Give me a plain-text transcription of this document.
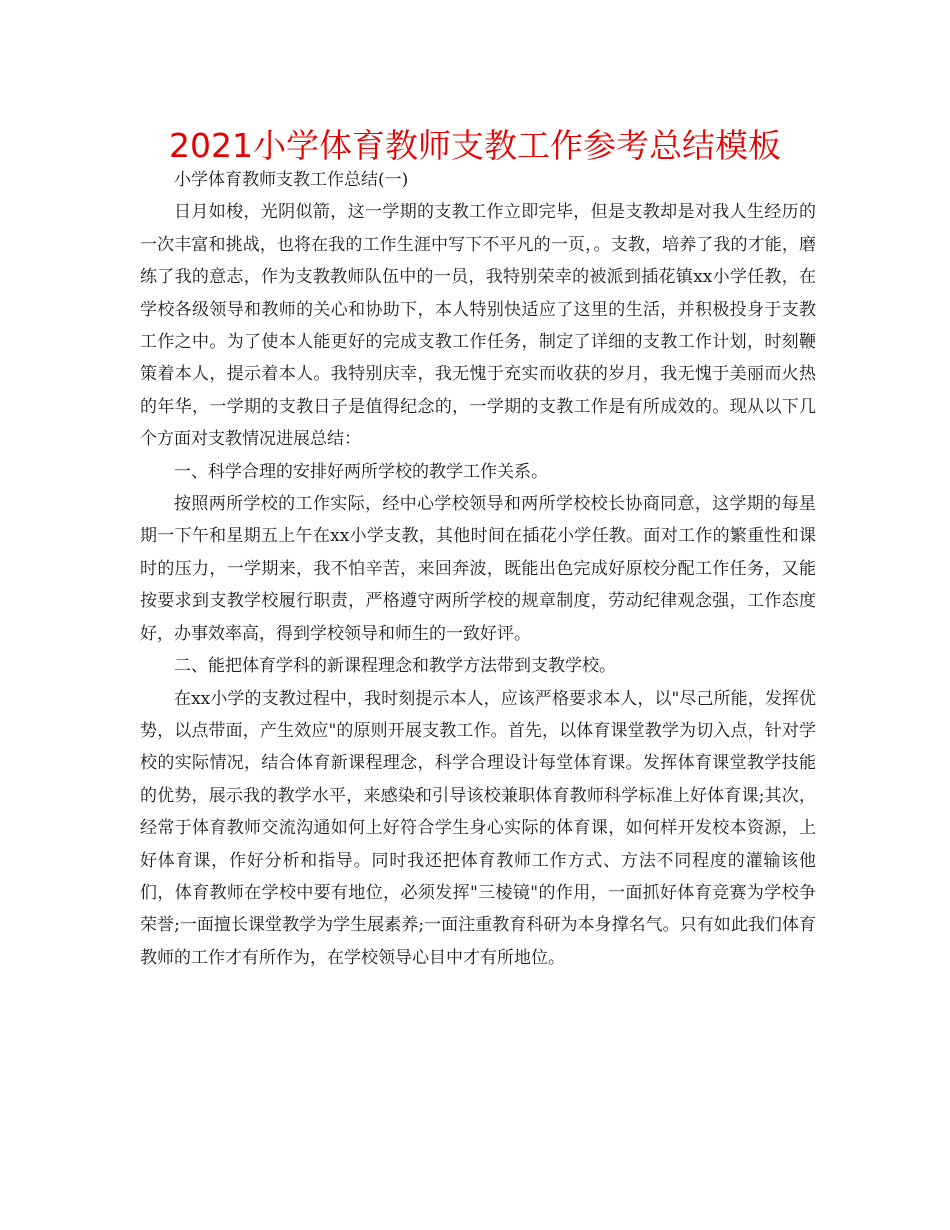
2021小学体育教师支教工作参考总结模板

小学体育教师支教工作总结(一)

日月如梭，光阴似箭，这一学期的支教工作立即完毕，但是支教却是对我人生经历的一次丰富和挑战，也将在我的工作生涯中写下不平凡的一页，。支教，培养了我的才能，磨练了我的意志，作为支教教师队伍中的一员，我特别荣幸的被派到插花镇xx小学任教，在学校各级领导和教师的关心和协助下，本人特别快适应了这里的生活，并积极投身于支教工作之中。为了使本人能更好的完成支教工作任务，制定了详细的支教工作计划，时刻鞭策着本人，提示着本人。我特别庆幸，我无愧于充实而收获的岁月，我无愧于美丽而火热的年华，一学期的支教日子是值得纪念的，一学期的支教工作是有所成效的。现从以下几个方面对支教情况进展总结：

一、科学合理的安排好两所学校的教学工作关系。

按照两所学校的工作实际，经中心学校领导和两所学校校长协商同意，这学期的每星期一下午和星期五上午在xx小学支教，其他时间在插花小学任教。面对工作的繁重性和课时的压力，一学期来，我不怕辛苦，来回奔波，既能出色完成好原校分配工作任务，又能按要求到支教学校履行职责，严格遵守两所学校的规章制度，劳动纪律观念强，工作态度好，办事效率高，得到学校领导和师生的一致好评。

二、能把体育学科的新课程理念和教学方法带到支教学校。

在xx小学的支教过程中，我时刻提示本人，应该严格要求本人，以"尽己所能，发挥优势，以点带面，产生效应"的原则开展支教工作。首先，以体育课堂教学为切入点，针对学校的实际情况，结合体育新课程理念，科学合理设计每堂体育课。发挥体育课堂教学技能的优势，展示我的教学水平，来感染和引导该校兼职体育教师科学标准上好体育课;其次，经常于体育教师交流沟通如何上好符合学生身心实际的体育课，如何样开发校本资源，上好体育课，作好分析和指导。同时我还把体育教师工作方式、方法不同程度的灌输该他们，体育教师在学校中要有地位，必须发挥"三棱镜"的作用，一面抓好体育竞赛为学校争荣誉;一面擅长课堂教学为学生展素养;一面注重教育科研为本身撑名气。只有如此我们体育教师的工作才有所作为，在学校领导心目中才有所地位。
